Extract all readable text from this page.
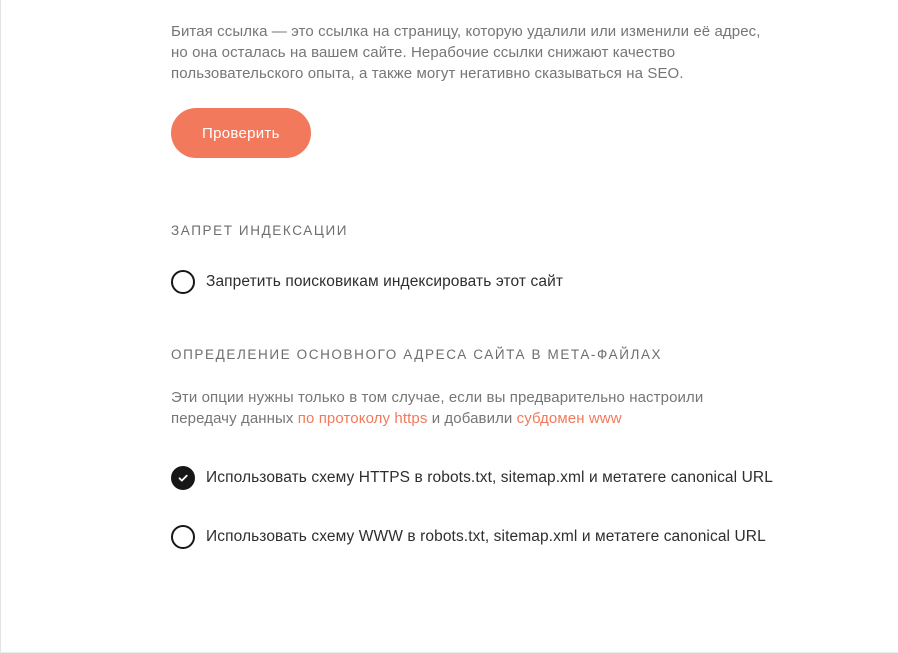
Битая ссылка — это ссылка на страницу, которую удалили или изменили её адрес, но она осталась на вашем сайте. Нерабочие ссылки снижают качество пользовательского опыта, а также могут негативно сказываться на SEO.

Проверить
ЗАПРЕТ ИНДЕКСАЦИИ
Запретить поисковикам индексировать этот сайт
ОПРЕДЕЛЕНИЕ ОСНОВНОГО АДРЕСА САЙТА В МЕТА-ФАЙЛАХ

Эти опции нужны только в том случае, если вы предварительно настроили передачу данных по протоколу https и добавили субдомен www

Использовать схему HTTPS в robots.txt, sitemap.xml и метатеге canonical URL
Использовать схему WWW в robots.txt, sitemap.xml и метатеге canonical URL
